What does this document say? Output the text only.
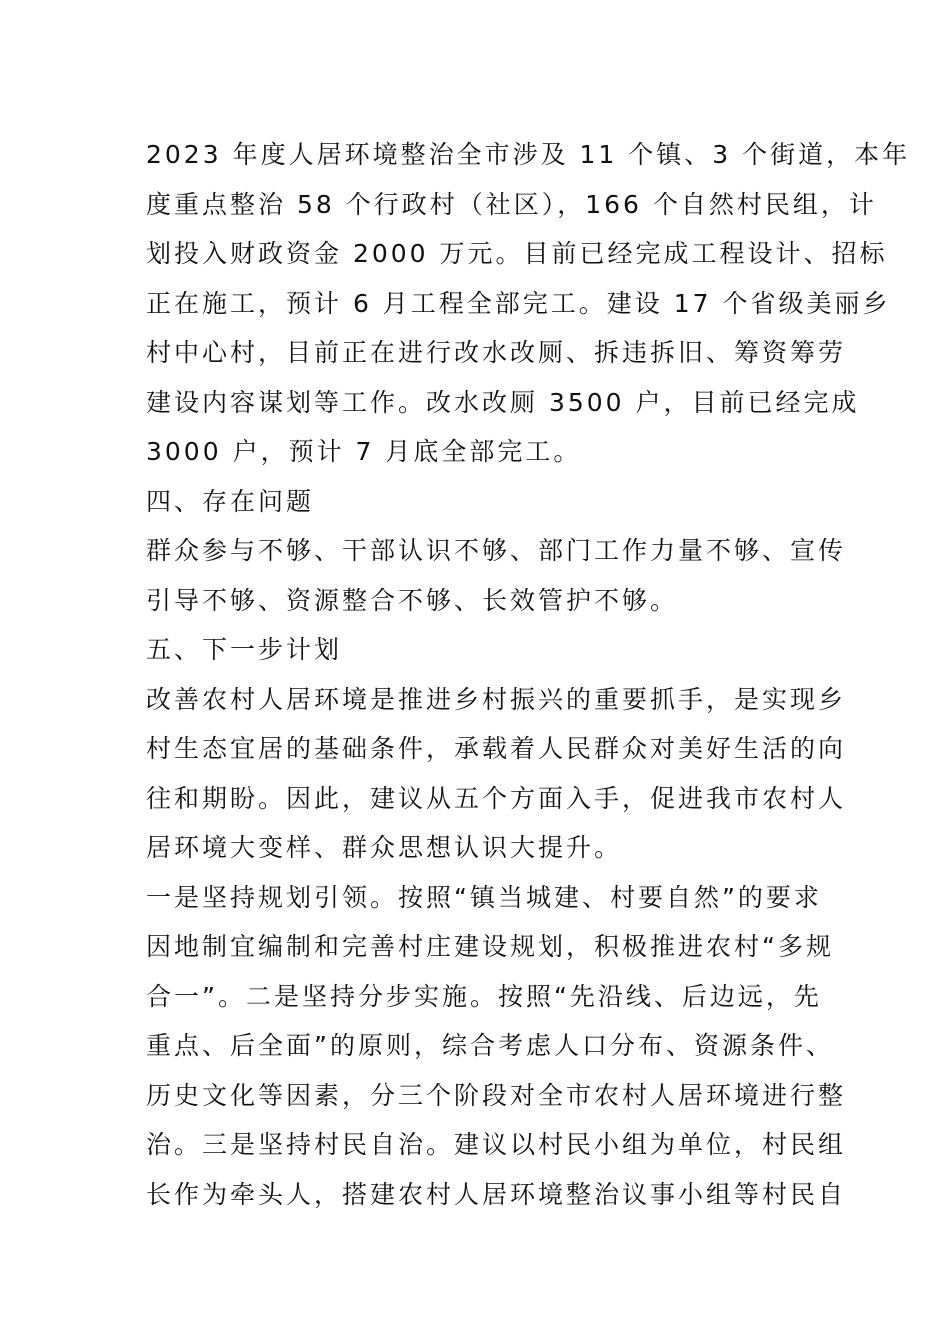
2023 年度人居环境整治全市涉及 11 个镇、3 个街道，本年
度重点整治 58 个行政村（社区），166 个自然村民组，计
划投入财政资金 2000 万元。目前已经完成工程设计、招标
正在施工，预计 6 月工程全部完工。建设 17 个省级美丽乡
村中心村，目前正在进行改水改厕、拆违拆旧、筹资筹劳
建设内容谋划等工作。改水改厕 3500 户，目前已经完成
3000 户，预计 7 月底全部完工。
四、存在问题
群众参与不够、干部认识不够、部门工作力量不够、宣传
引导不够、资源整合不够、长效管护不够。
五、下一步计划
改善农村人居环境是推进乡村振兴的重要抓手，是实现乡
村生态宜居的基础条件，承载着人民群众对美好生活的向
往和期盼。因此，建议从五个方面入手，促进我市农村人
居环境大变样、群众思想认识大提升。
一是坚持规划引领。按照“镇当城建、村要自然”的要求
因地制宜编制和完善村庄建设规划，积极推进农村“多规
合一”。二是坚持分步实施。按照“先沿线、后边远，先
重点、后全面”的原则，综合考虑人口分布、资源条件、
历史文化等因素，分三个阶段对全市农村人居环境进行整
治。三是坚持村民自治。建议以村民小组为单位，村民组
长作为牵头人，搭建农村人居环境整治议事小组等村民自
